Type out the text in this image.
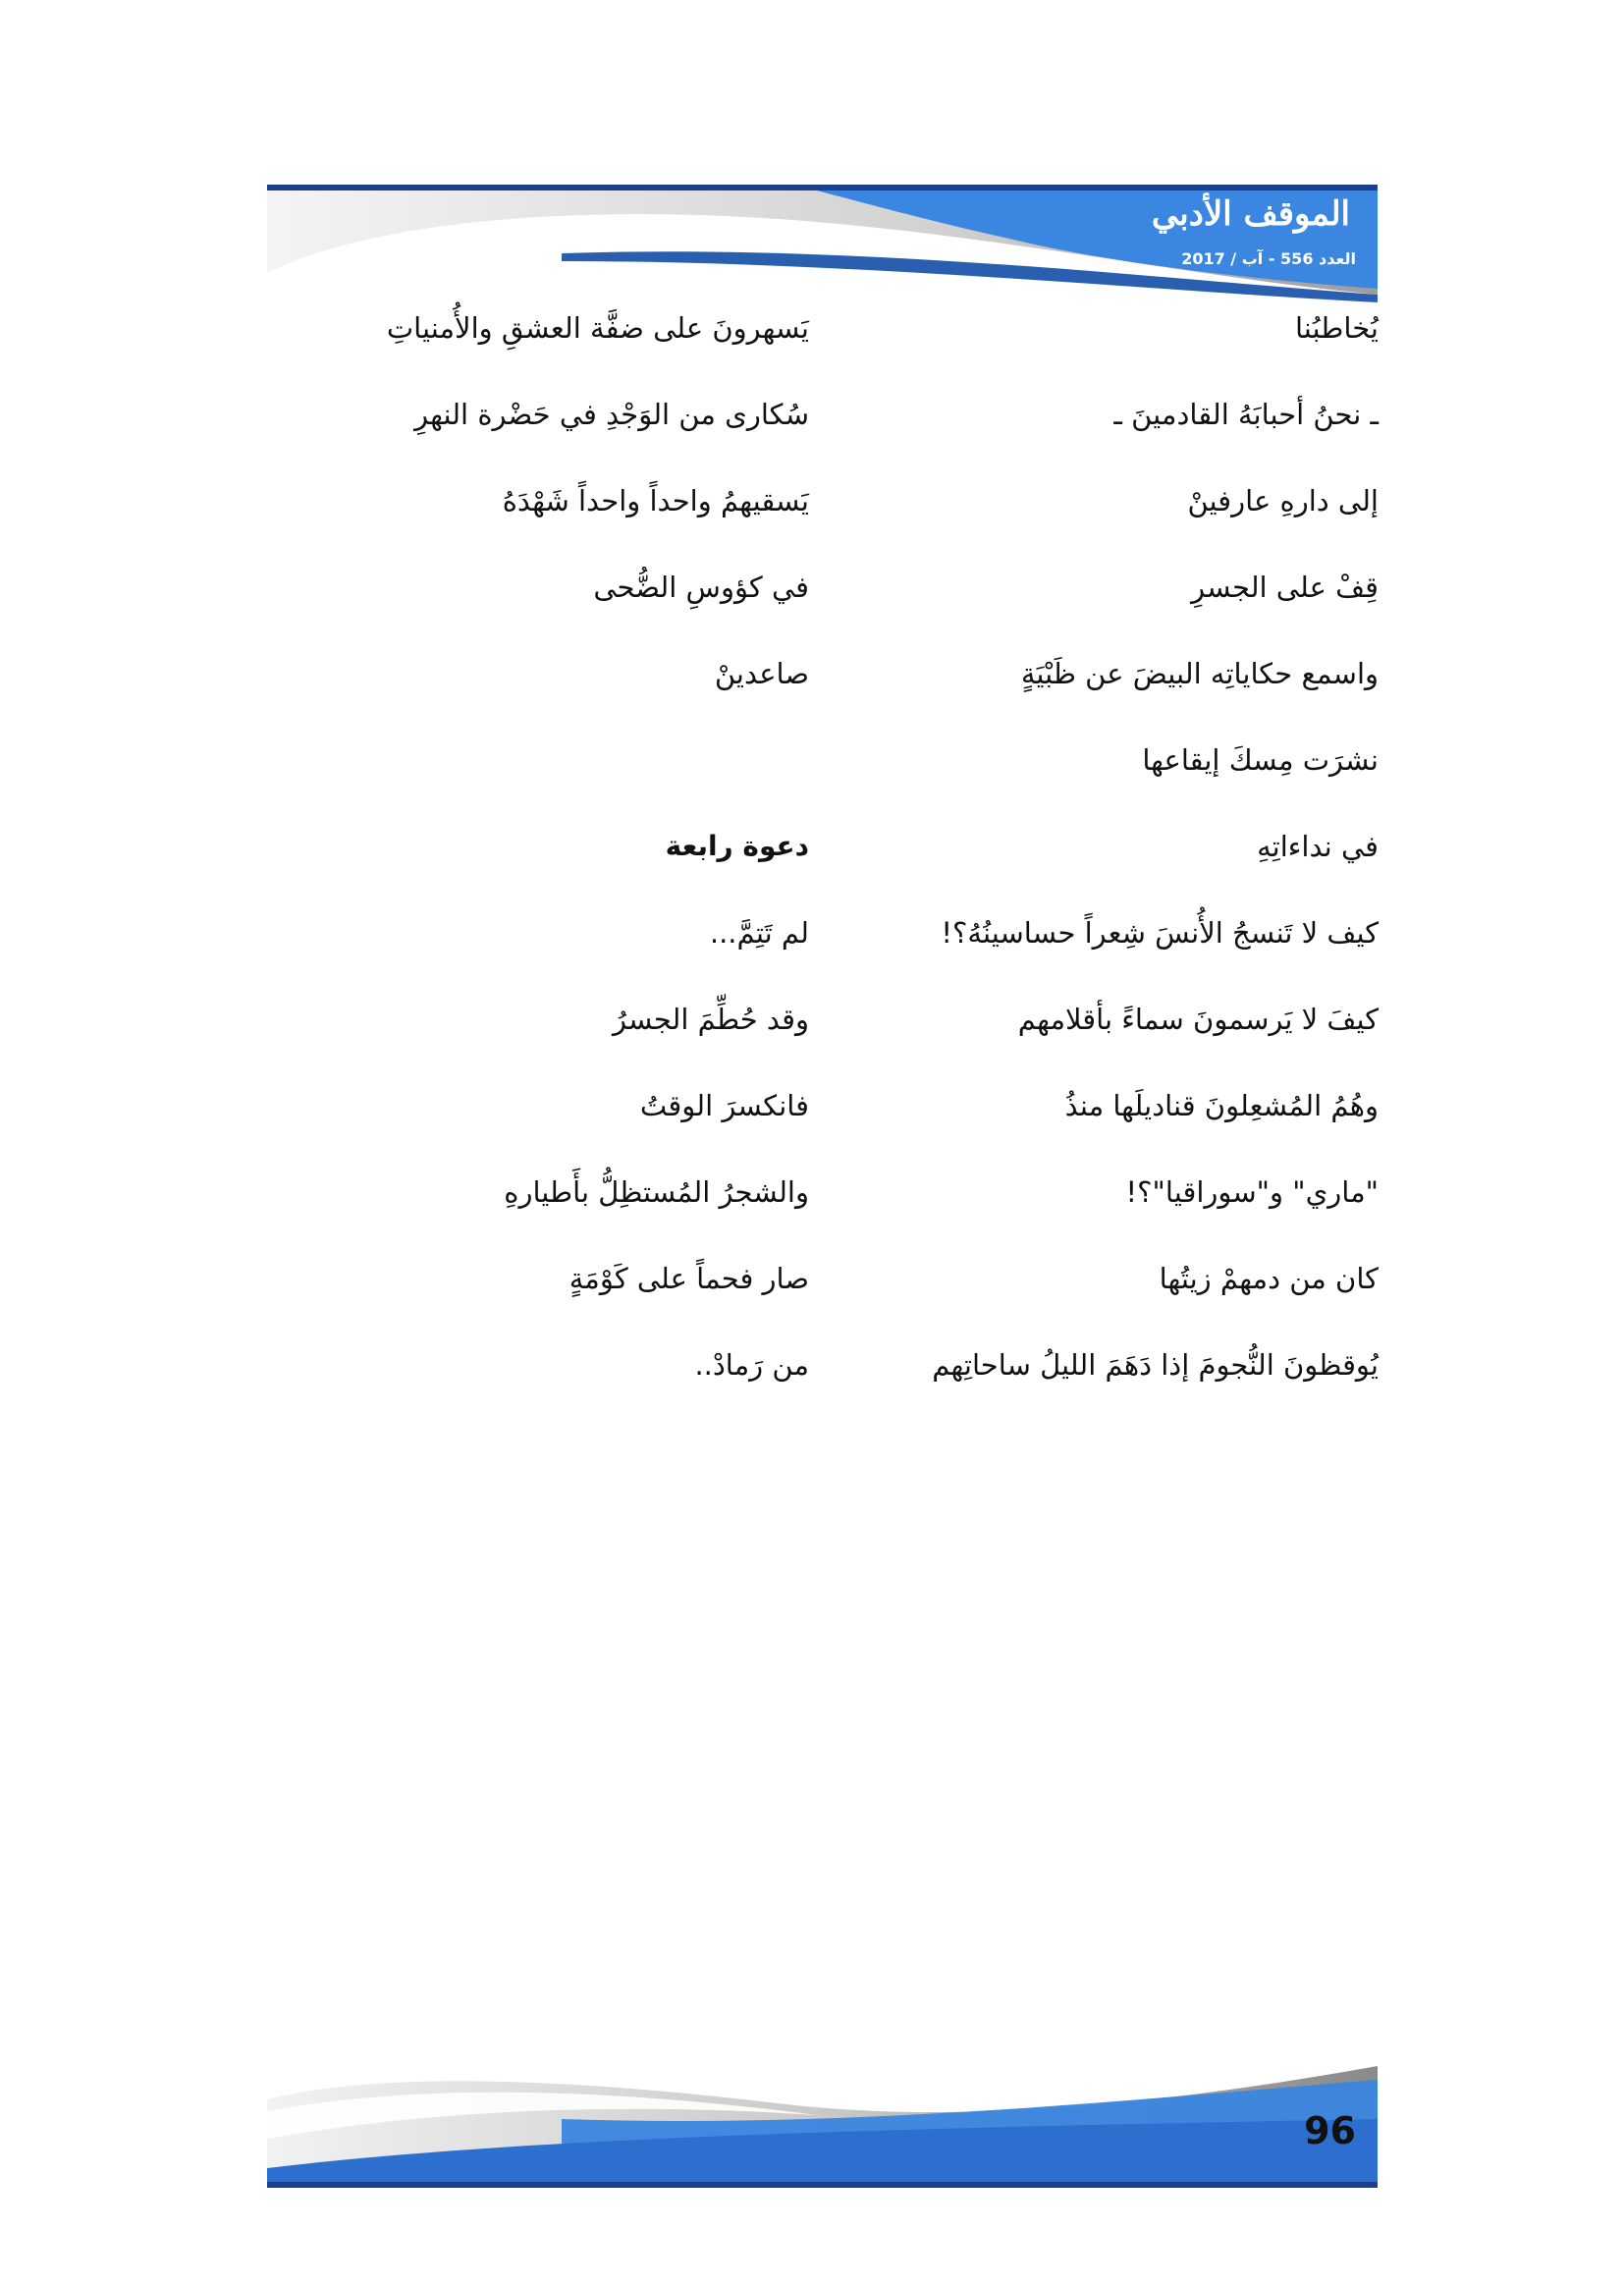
الموقف الأدبي
العدد 556 - آب / 2017
يُخاطبُنا
ـ نحنُ أحبابَهُ القادمينَ ـ
إلى دارهِ عارفينْ
قِفْ على الجسرِ
واسمع حكاياتِه البيضَ عن ظَبْيَةٍ
نشرَت مِسكَ إيقاعها
في نداءاتِهِ
كيف لا تَنسجُ الأُنسَ شِعراً حساسينُهُ؟!
كيفَ لا يَرسمونَ سماءً بأقلامهم
وهُمُ المُشعِلونَ قناديلَها منذُ
"ماري" و"سوراقيا"؟!
كان من دمهمْ زيتُها
يُوقظونَ النُّجومَ إذا دَهَمَ الليلُ ساحاتِهم
يَسهرونَ على ضفَّة العشقِ والأُمنياتِ
سُكارى من الوَجْدِ في حَضْرة النهرِ
يَسقيهمُ واحداً واحداً شَهْدَهُ
في كؤوسِ الضُّحى
صاعدينْ
دعوة رابعة
لم تَتِمَّ...
وقد حُطِّمَ الجسرُ
فانكسرَ الوقتُ
والشجرُ المُستظِلُّ بأَطيارهِ
صار فحماً على كَوْمَةٍ
من رَمادْ..
96
